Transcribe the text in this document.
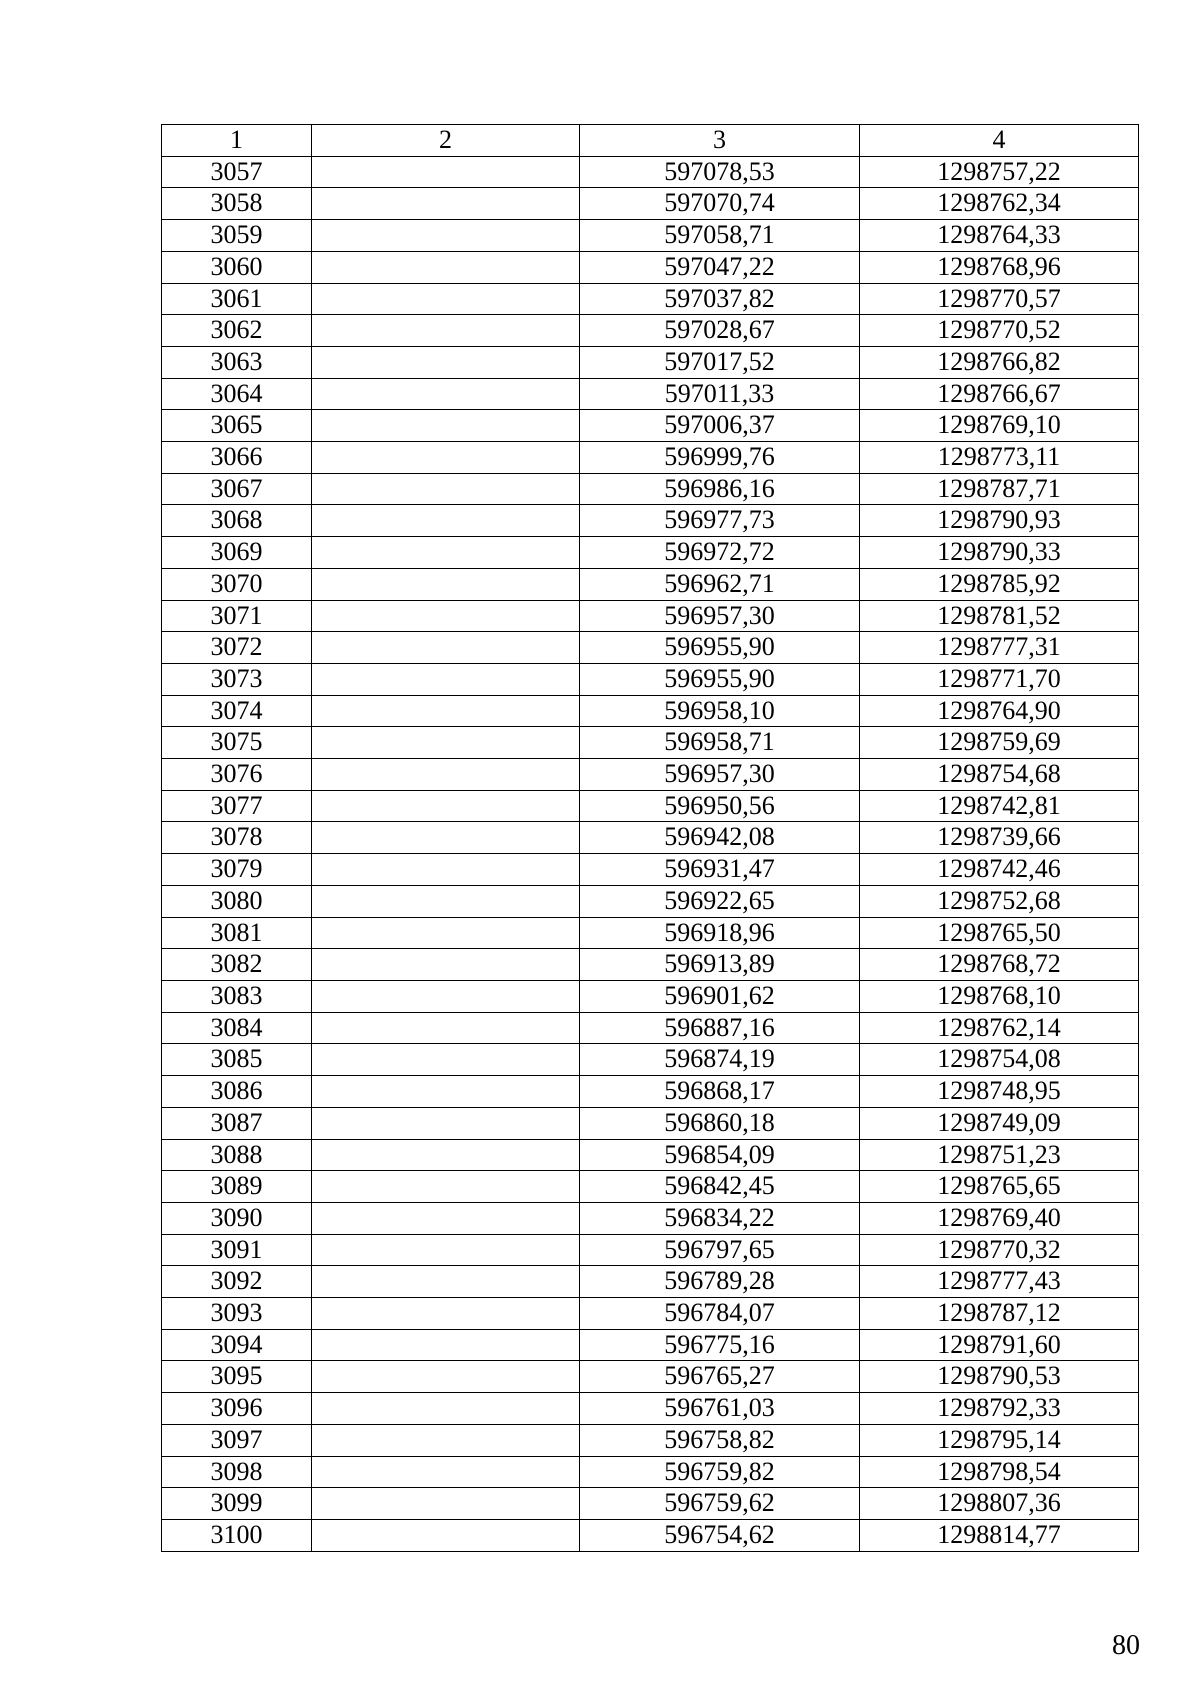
1	2	3	4
3057		597078,53	1298757,22
3058		597070,74	1298762,34
3059		597058,71	1298764,33
3060		597047,22	1298768,96
3061		597037,82	1298770,57
3062		597028,67	1298770,52
3063		597017,52	1298766,82
3064		597011,33	1298766,67
3065		597006,37	1298769,10
3066		596999,76	1298773,11
3067		596986,16	1298787,71
3068		596977,73	1298790,93
3069		596972,72	1298790,33
3070		596962,71	1298785,92
3071		596957,30	1298781,52
3072		596955,90	1298777,31
3073		596955,90	1298771,70
3074		596958,10	1298764,90
3075		596958,71	1298759,69
3076		596957,30	1298754,68
3077		596950,56	1298742,81
3078		596942,08	1298739,66
3079		596931,47	1298742,46
3080		596922,65	1298752,68
3081		596918,96	1298765,50
3082		596913,89	1298768,72
3083		596901,62	1298768,10
3084		596887,16	1298762,14
3085		596874,19	1298754,08
3086		596868,17	1298748,95
3087		596860,18	1298749,09
3088		596854,09	1298751,23
3089		596842,45	1298765,65
3090		596834,22	1298769,40
3091		596797,65	1298770,32
3092		596789,28	1298777,43
3093		596784,07	1298787,12
3094		596775,16	1298791,60
3095		596765,27	1298790,53
3096		596761,03	1298792,33
3097		596758,82	1298795,14
3098		596759,82	1298798,54
3099		596759,62	1298807,36
3100		596754,62	1298814,77
80
